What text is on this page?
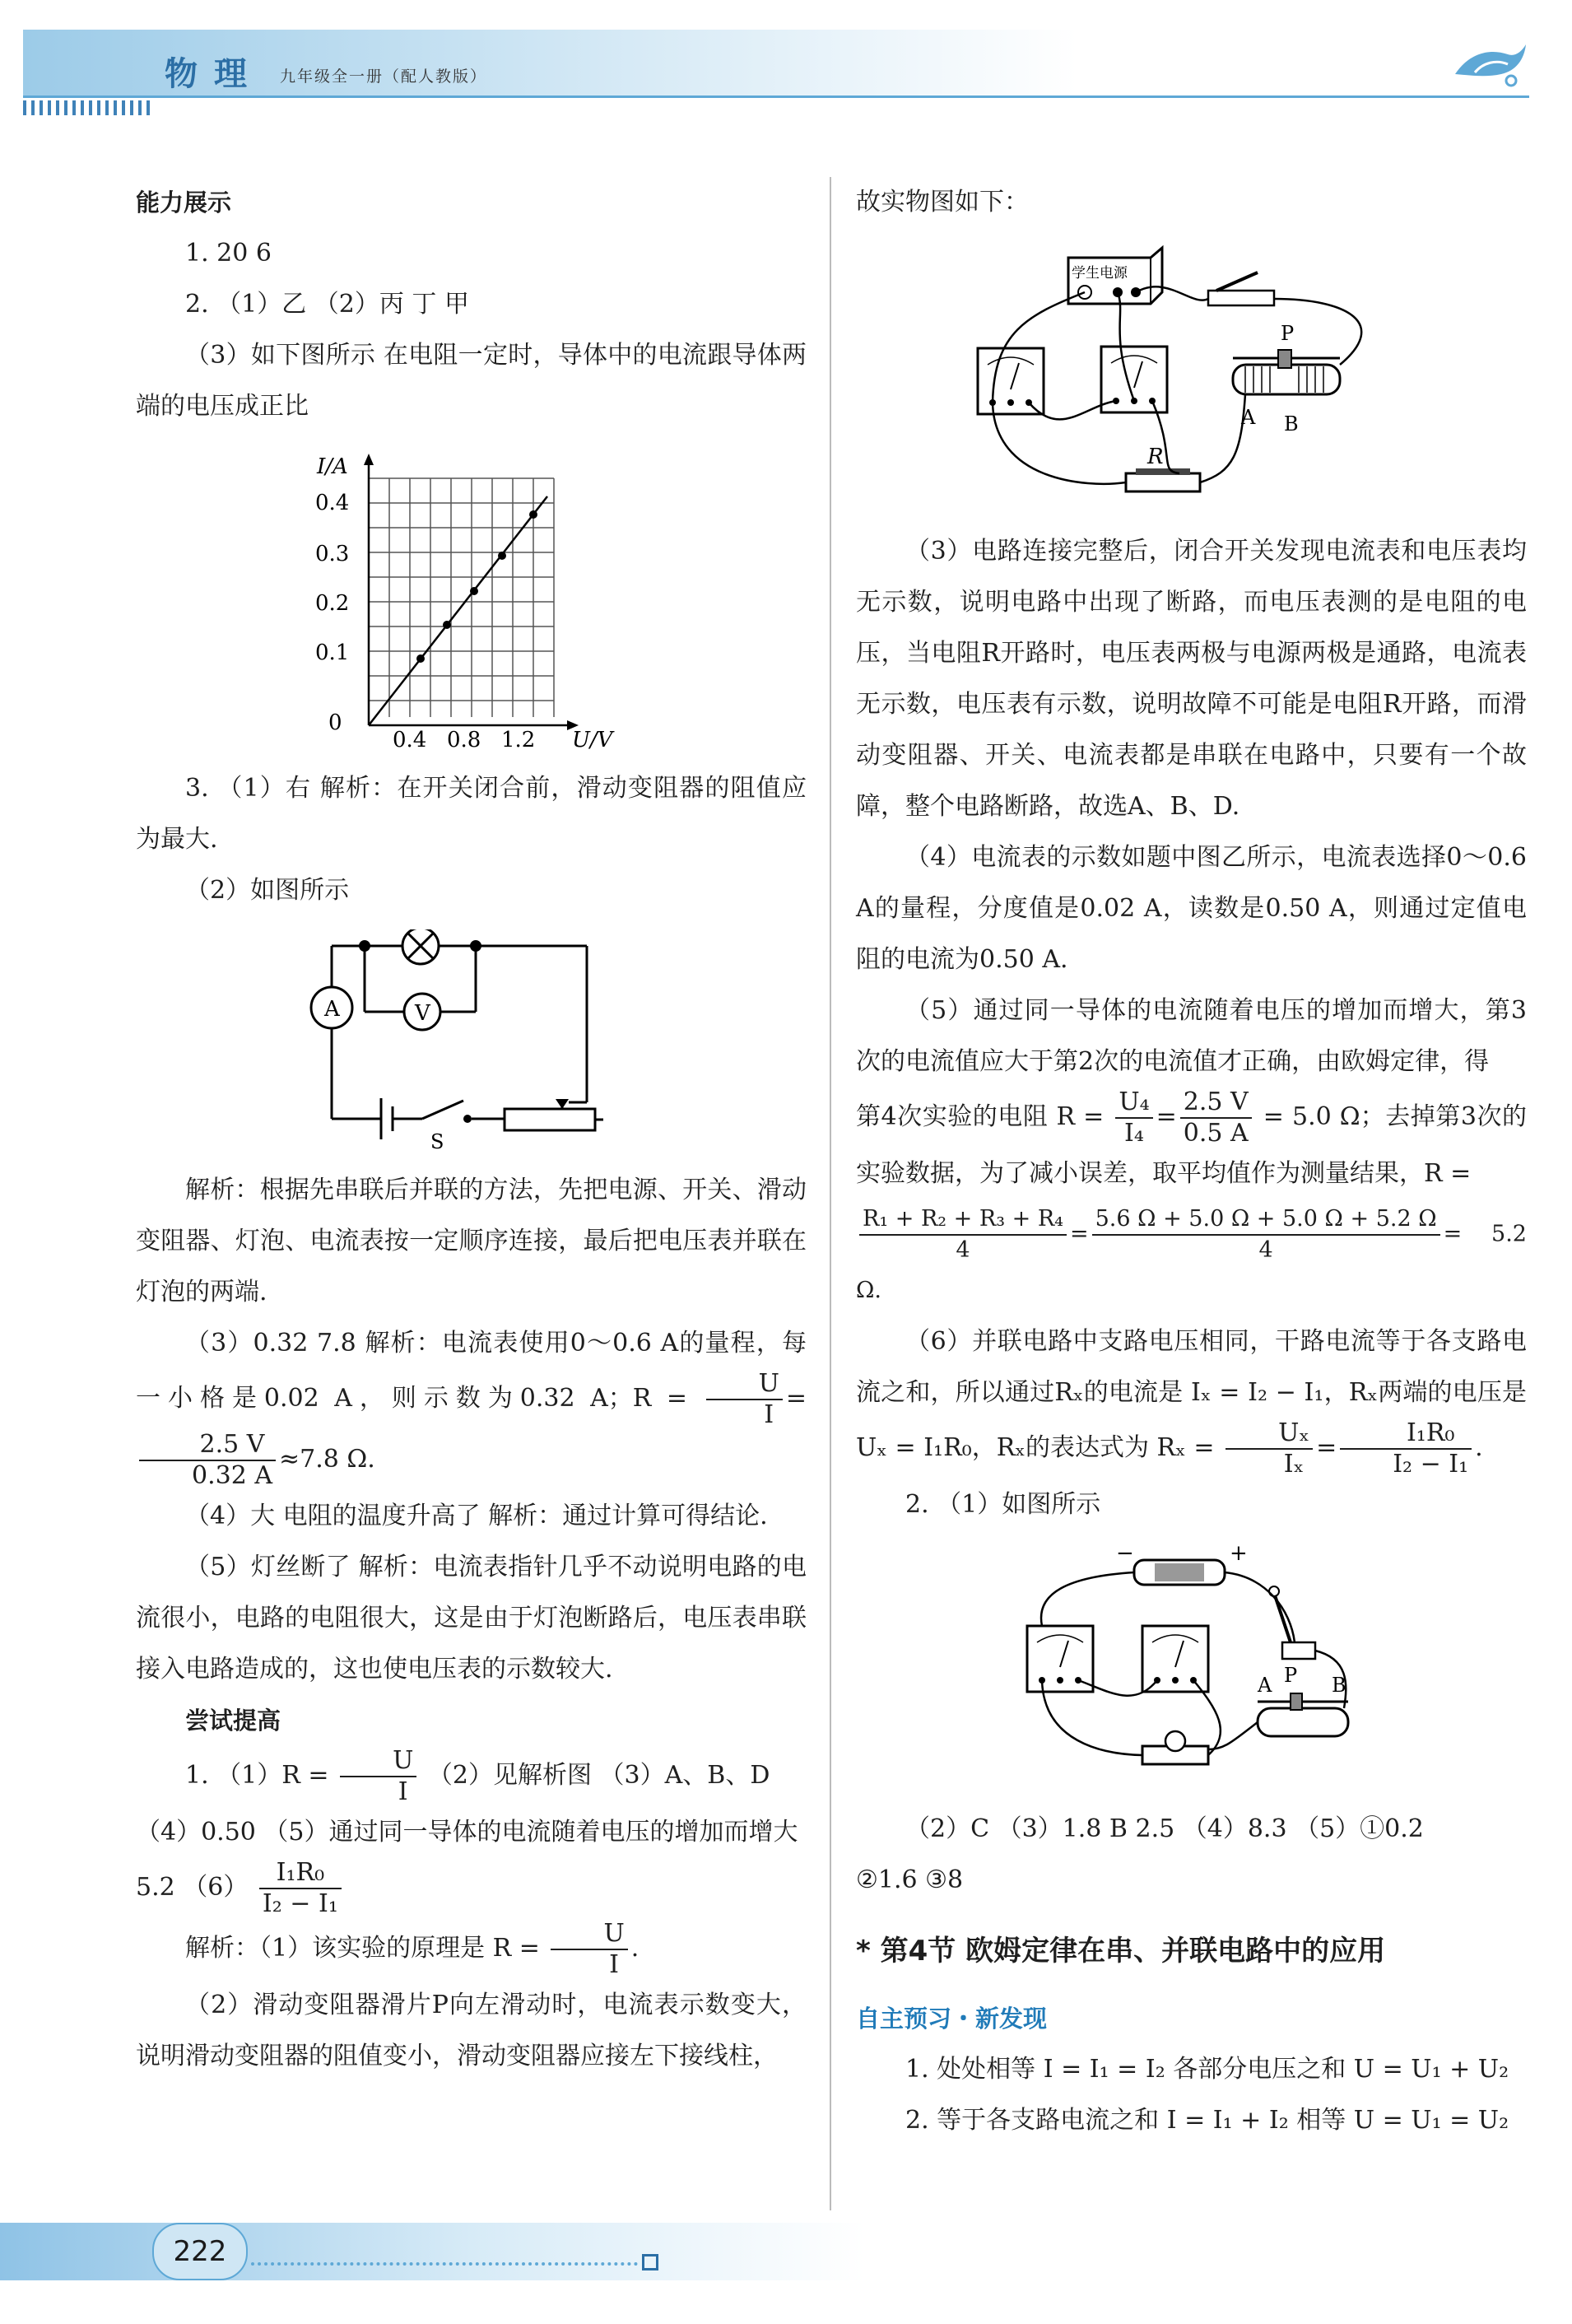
物理 九年级全一册（配人教版）

能力展示

1. 20 6

2. （1）乙 （2）丙 丁 甲

（3）如下图所示 在电阻一定时，导体中的电流跟导体两端的电压成正比

I/A
0.4
0.3
0.2
0.1
0
0.4 0.8 1.2 U/V

3. （1）右 解析：在开关闭合前，滑动变阻器的阻值应为最大.

（2）如图所示

V
A
S

解析：根据先串联后并联的方法，先把电源、开关、滑动变阻器、灯泡、电流表按一定顺序连接，最后把电压表并联在灯泡的两端.

（3）0.32 7.8 解析：电流表使用0～0.6 A的量程，每一小格是0.02 A，则示数为0.32 A；$R = \frac{U}{I}$ =
$\frac{2.5 V}{0.32 A} \approx 7.8$ Ω.

（4）大 电阻的温度升高了 解析：通过计算可得结论.

（5）灯丝断了 解析：电流表指针几乎不动说明电路的电流很小，电路的电阻很大，这是由于灯泡断路后，电压表串联接入电路造成的，这也使电压表的示数较大.

尝试提高

1. $(1)R = \frac{U}{I} (2)$见解析图 （3）A、B、D

（4）0.50 （5）通过同一导体的电流随着电压的增加而增大

5.2 $(6) \frac{\text{I₁R₀}}{\text{I₂ − I₁}}$

解析：（1）该实验的原理是 $R = \frac{U}{I}$ .

（2）滑动变阻器滑片P向左滑动时，电流表示数变大，说明滑动变阻器的阻值变小，滑动变阻器应接左下接线柱，

故实物图如下：

学生电源
P
A B
R

（3）电路连接完整后，闭合开关发现电流表和电压表均无示数，说明电路中出现了断路，而电压表测的是电阻的电压，当电阻R开路时，电压表两极与电源两极是通路，电流表无示数，电压表有示数，说明故障不可能是电阻R开路，而滑动变阻器、开关、电流表都是串联在电路中，只要有一个故障，整个电路断路，故选A、B、D.

（4）电流表的示数如题中图乙所示，电流表选择0～0.6 A的量程，分度值是0.02 A，读数是0.50 A，则通过定值电阻的电流为0.50 A.

（5）通过同一导体的电流随着电压的增加而增大，第3次的电流值应大于第2次的电流值才正确，由欧姆定律，得

第4次实验的电阻 $R = \frac{\text{U₄}}{\text{I₄}} = \frac{2.5 V}{0.5 A} = 5.0$ Ω；去掉第3次的实验数据，为了减小误差，取平均值作为测量结果，R =

$\frac{\text{R₁ + R₂ + R₃ + R₄}}{4} = \frac{5.6 \Omega + 5.0 \Omega + 5.0 \Omega + 5.2 \Omega}{4} = 5.2$ Ω.

（6）并联电路中支路电压相同，干路电流等于各支路电流之和，所以通过Rₓ的电流是 Iₓ = I₂ − I₁，Rₓ两端的电压是 Uₓ = I₁R₀，Rₓ的表达式为 $R_x = \frac{\text{Uₓ}}{\text{Iₓ}} = \frac{\text{I₁R₀}}{\text{I₂ − I₁}}$ .

2. （1）如图所示

−	+
A P B

（2）C （3）1.8 B 2.5 （4）8.3 （5）①0.2

②1.6 ③8

* 第4节 欧姆定律在串、并联电路中的应用

自主预习・新发现

1. 处处相等 I = I₁ = I₂ 各部分电压之和 U = U₁ + U₂

2. 等于各支路电流之和 I = I₁ + I₂ 相等 U = U₁ = U₂

222
